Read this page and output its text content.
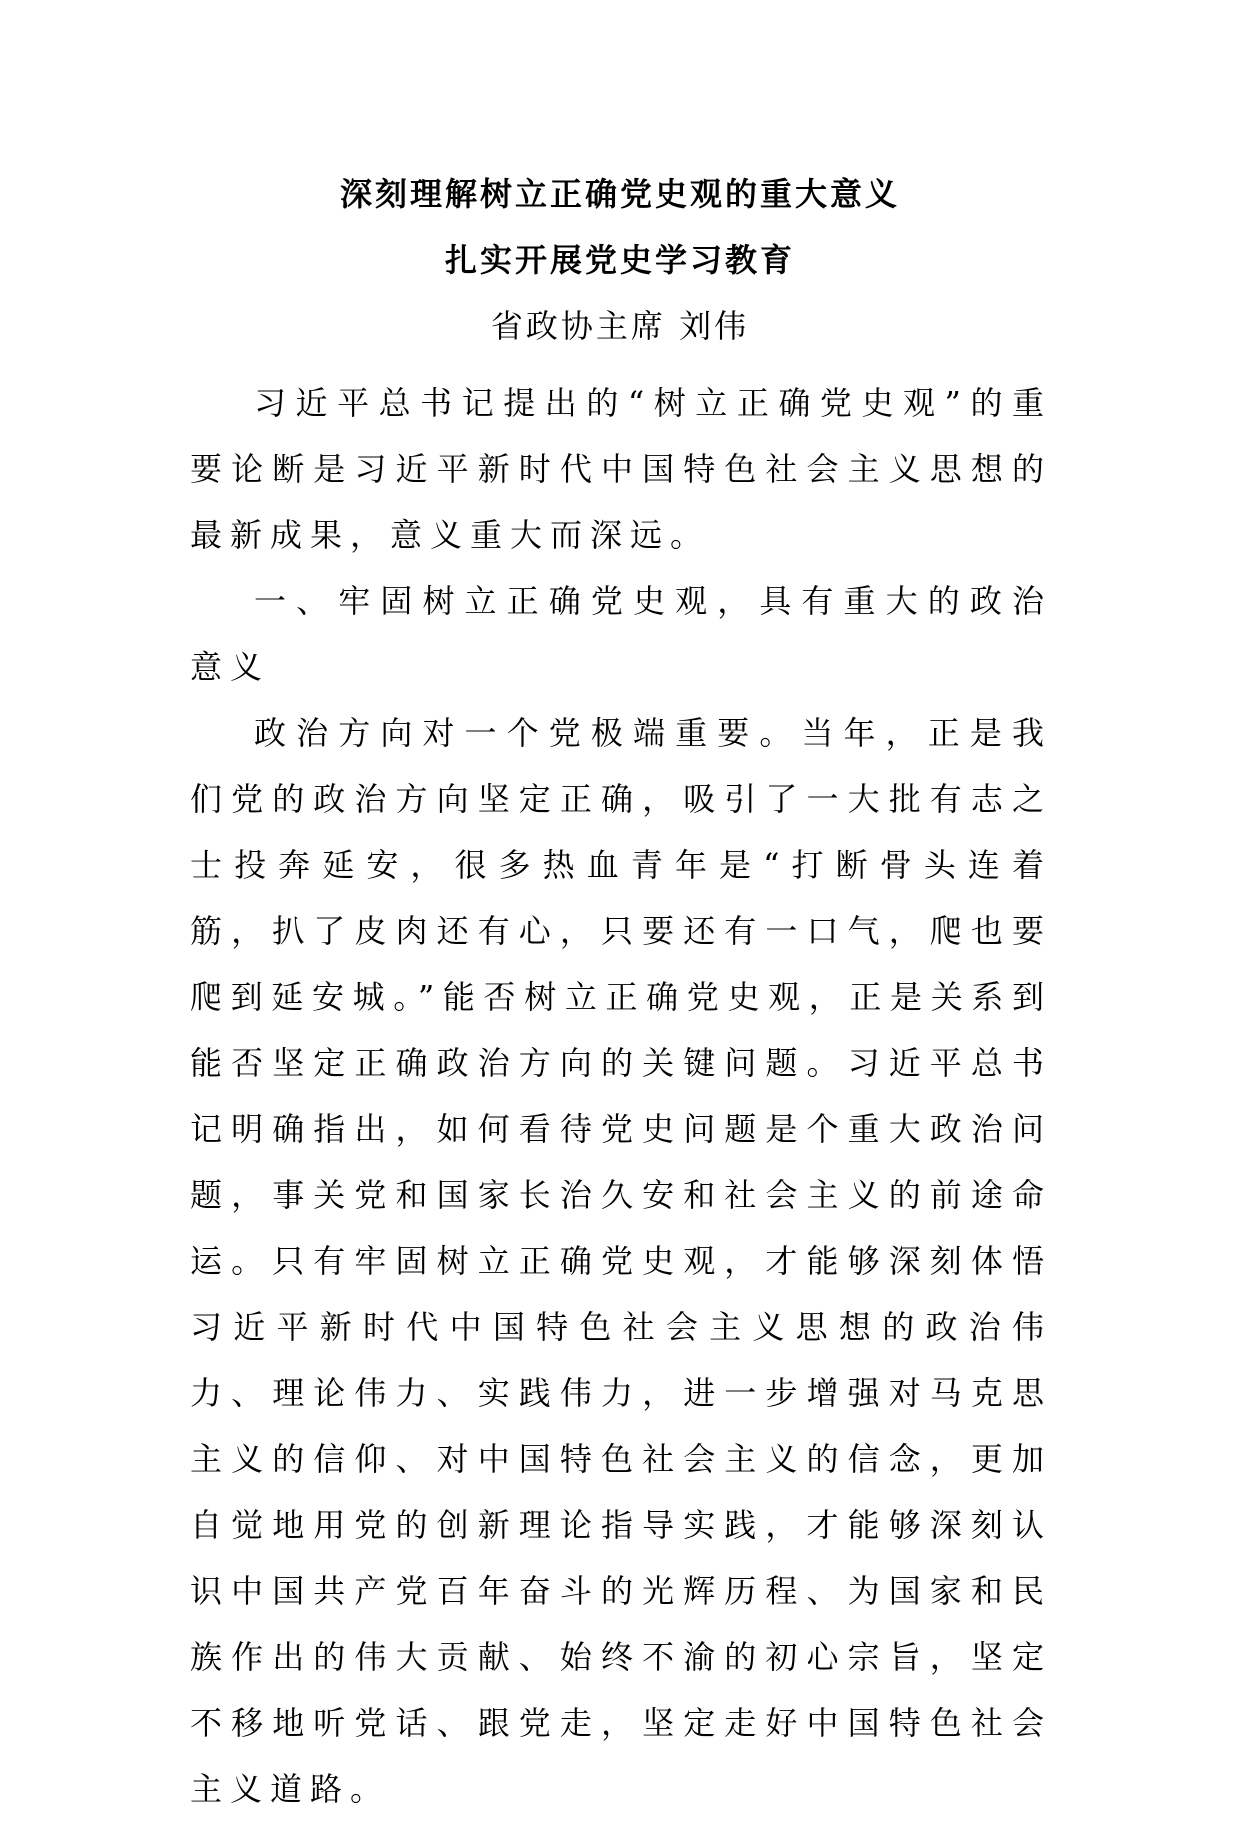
深刻理解树立正确党史观的重大意义
扎实开展党史学习教育

省政协主席 刘伟

习近平总书记提出的“树立正确党史观”的重要论断是习近平新时代中国特色社会主义思想的最新成果，意义重大而深远。

一、牢固树立正确党史观，具有重大的政治意义

政治方向对一个党极端重要。当年，正是我们党的政治方向坚定正确，吸引了一大批有志之士投奔延安，很多热血青年是“打断骨头连着筋，扒了皮肉还有心，只要还有一口气，爬也要爬到延安城。”能否树立正确党史观，正是关系到能否坚定正确政治方向的关键问题。习近平总书记明确指出，如何看待党史问题是个重大政治问题，事关党和国家长治久安和社会主义的前途命运。只有牢固树立正确党史观，才能够深刻体悟习近平新时代中国特色社会主义思想的政治伟力、理论伟力、实践伟力，进一步增强对马克思主义的信仰、对中国特色社会主义的信念，更加自觉地用党的创新理论指导实践，才能够深刻认识中国共产党百年奋斗的光辉历程、为国家和民族作出的伟大贡献、始终不渝的初心宗旨，坚定不移地听党话、跟党走，坚定走好中国特色社会主义道路。
